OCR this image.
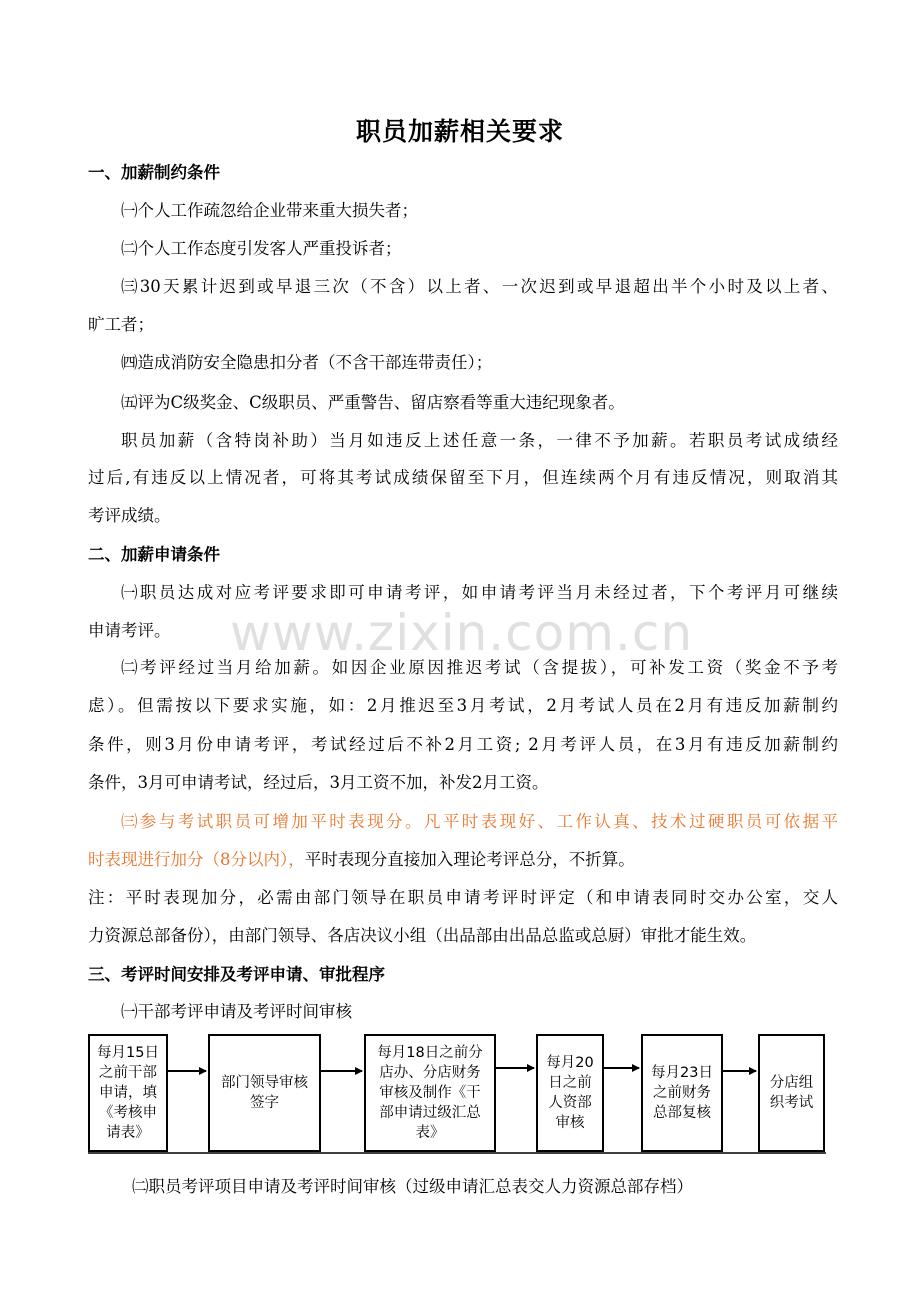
www.zixin.com.cn
职员加薪相关要求
一、加薪制约条件
㈠个人工作疏忽给企业带来重大损失者；
㈡个人工作态度引发客人严重投诉者；
㈢30天累计迟到或早退三次（不含）以上者、一次迟到或早退超出半个小时及以上者、
旷工者；
㈣造成消防安全隐患扣分者（不含干部连带责任）；
㈤评为C级奖金、C级职员、严重警告、留店察看等重大违纪现象者。
职员加薪（含特岗补助）当月如违反上述任意一条，一律不予加薪。若职员考试成绩经
过后,有违反以上情况者，可将其考试成绩保留至下月，但连续两个月有违反情况，则取消其
考评成绩。
二、加薪申请条件
㈠职员达成对应考评要求即可申请考评，如申请考评当月未经过者，下个考评月可继续
申请考评。
㈡考评经过当月给加薪。如因企业原因推迟考试（含提拔），可补发工资（奖金不予考
虑）。但需按以下要求实施，如：2月推迟至3月考试，2月考试人员在2月有违反加薪制约
条件，则3月份申请考评，考试经过后不补2月工资; 2月考评人员，在3月有违反加薪制约
条件，3月可申请考试，经过后，3月工资不加，补发2月工资。
㈢参与考试职员可增加平时表现分。凡平时表现好、工作认真、技术过硬职员可依据平
时表现进行加分（8分以内），平时表现分直接加入理论考评总分，不折算。
注：平时表现加分，必需由部门领导在职员申请考评时评定（和申请表同时交办公室，交人
力资源总部备份），由部门领导、各店决议小组（出品部由出品总监或总厨）审批才能生效。
三、考评时间安排及考评申请、审批程序
㈠干部考评申请及考评时间审核
每月15日
之前干部
申请，填
《考核申
请表》
部门领导审核
签字
每月18日之前分
店办、分店财务
审核及制作《干
部申请过级汇总
表》
每月20
日之前
人资部
审核
每月23日
之前财务
总部复核
分店组
织考试
㈡职员考评项目申请及考评时间审核（过级申请汇总表交人力资源总部存档）
